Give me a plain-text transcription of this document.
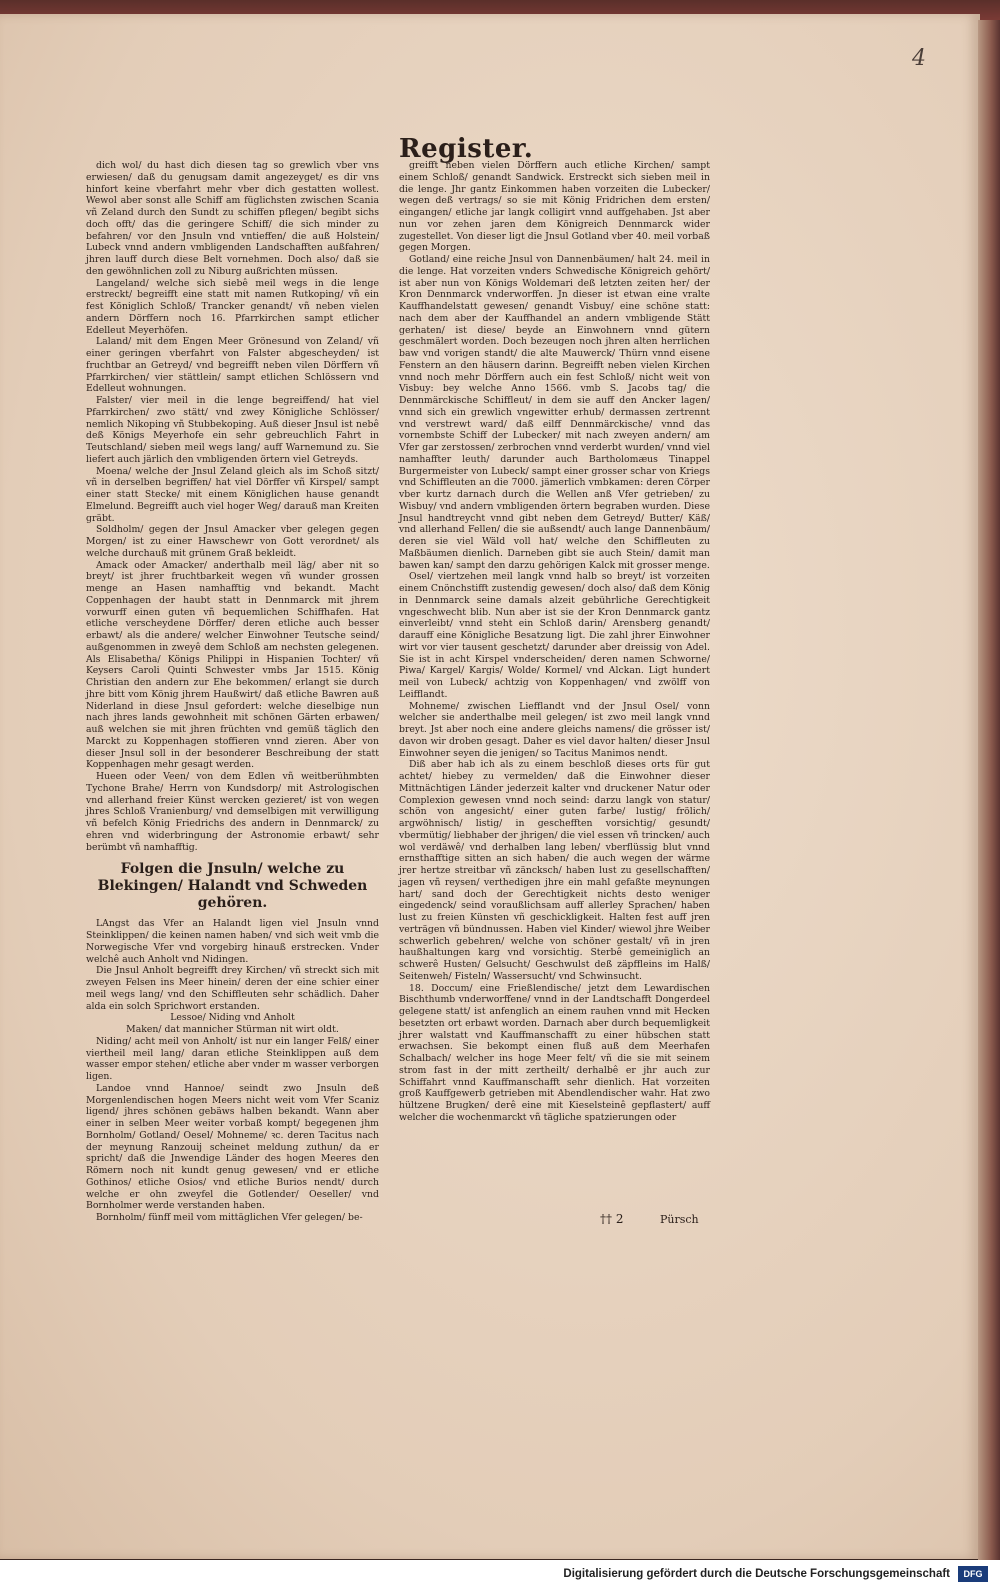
4
Register.

dich wol/ du hast dich diesen tag so grewlich vber vns erwiesen/ daß du genugsam damit angezeyget/ es dir vns hinfort keine vberfahrt mehr vber dich gestatten wollest. Wewol aber sonst alle Schiff am füglichsten zwischen Scania vñ Zeland durch den Sundt zu schiffen pflegen/ begibt sichs doch offt/ das die geringere Schiff/ die sich minder zu befahren/ vor den Jnsuln vnd vntieffen/ die auß Holstein/ Lubeck vnnd andern vmbligenden Landschafften außfahren/ jhren lauff durch diese Belt vornehmen. Doch also/ daß sie den gewöhnlichen zoll zu Niburg außrichten müssen.

Langeland/ welche sich siebê meil wegs in die lenge erstreckt/ begreifft eine statt mit namen Rutkoping/ vñ ein fest Königlich Schloß/ Trancker genandt/ vñ neben vielen andern Dörffern noch 16. Pfarrkirchen sampt etlicher Edelleut Meyerhöfen.

Laland/ mit dem Engen Meer Grönesund von Zeland/ vñ einer geringen vberfahrt von Falster abgescheyden/ ist fruchtbar an Getreyd/ vnd begreifft neben vilen Dörffern vñ Pfarrkirchen/ vier stättlein/ sampt etlichen Schlössern vnd Edelleut wohnungen.

Falster/ vier meil in die lenge begreiffend/ hat viel Pfarrkirchen/ zwo stätt/ vnd zwey Königliche Schlösser/ nemlich Nikoping vñ Stubbekoping. Auß dieser Jnsul ist nebê deß Königs Meyerhofe ein sehr gebreuchlich Fahrt in Teutschland/ sieben meil wegs lang/ auff Warnemund zu. Sie liefert auch järlich den vmbligenden örtern viel Getreyds.

Moena/ welche der Jnsul Zeland gleich als im Schoß sitzt/ vñ in derselben begriffen/ hat viel Dörffer vñ Kirspel/ sampt einer statt Stecke/ mit einem Königlichen hause genandt Elmelund. Begreifft auch viel hoger Weg/ darauß man Kreiten gräbt.

Soldholm/ gegen der Jnsul Amacker vber gelegen gegen Morgen/ ist zu einer Hawschewr von Gott verordnet/ als welche durchauß mit grünem Graß bekleidt.

Amack oder Amacker/ anderthalb meil läg/ aber nit so breyt/ ist jhrer fruchtbarkeit wegen vñ wunder grossen menge an Hasen namhafftig vnd bekandt. Macht Coppenhagen der haubt statt in Dennmarck mit jhrem vorwurff einen guten vñ bequemlichen Schiffhafen. Hat etliche verscheydene Dörffer/ deren etliche auch besser erbawt/ als die andere/ welcher Einwohner Teutsche seind/ außgenommen in zweyê dem Schloß am nechsten gelegenen. Als Elisabetha/ Königs Philippi in Hispanien Tochter/ vñ Keysers Caroli Quinti Schwester vmbs Jar 1515. König Christian den andern zur Ehe bekommen/ erlangt sie durch jhre bitt vom König jhrem Haußwirt/ daß etliche Bawren auß Niderland in diese Jnsul gefordert: welche dieselbige nun nach jhres lands gewohnheit mit schönen Gärten erbawen/ auß welchen sie mit jhren früchten vnd gemüß täglich den Marckt zu Koppenhagen stoffieren vnnd zieren. Aber von dieser Jnsul soll in der besonderer Beschreibung der statt Koppenhagen mehr gesagt werden.

Hueen oder Veen/ von dem Edlen vñ weitberühmbten Tychone Brahe/ Herrn von Kundsdorp/ mit Astrologischen vnd allerhand freier Künst wercken gezieret/ ist von wegen jhres Schloß Vranienburg/ vnd demselbigen mit verwilligung vñ befelch König Friedrichs des andern in Dennmarck/ zu ehren vnd widerbringung der Astronomie erbawt/ sehr berümbt vñ namhafftig.

Folgen die Jnsuln/ welche zu Blekingen/ Halandt vnd Schweden gehören.

LAngst das Vfer an Halandt ligen viel Jnsuln vnnd Steinklippen/ die keinen namen haben/ vnd sich weit vmb die Norwegische Vfer vnd vorgebirg hinauß erstrecken. Vnder welchê auch Anholt vnd Nidingen.

Die Jnsul Anholt begreifft drey Kirchen/ vñ streckt sich mit zweyen Felsen ins Meer hinein/ deren der eine schier einer meil wegs lang/ vnd den Schiffleuten sehr schädlich. Daher alda ein solch Sprichwort erstanden.

Lessoe/ Niding vnd Anholt

Maken/ dat mannicher Stürman nit wirt oldt.

Niding/ acht meil von Anholt/ ist nur ein langer Felß/ einer viertheil meil lang/ daran etliche Steinklippen auß dem wasser empor stehen/ etliche aber vnder m wasser verborgen ligen.

Landoe vnnd Hannoe/ seindt zwo Jnsuln deß Morgenlendischen hogen Meers nicht weit vom Vfer Scaniz ligend/ jhres schönen gebäws halben bekandt. Wann aber einer in selben Meer weiter vorbaß kompt/ begegenen jhm Bornholm/ Gotland/ Oesel/ Mohneme/ ꝛc. deren Tacitus nach der meynung Ranzouij scheinet meldung zuthun/ da er spricht/ daß die Jnwendige Länder des hogen Meeres den Römern noch nit kundt genug gewesen/ vnd er etliche Gothinos/ etliche Osios/ vnd etliche Burios nendt/ durch welche er ohn zweyfel die Gotlender/ Oeseller/ vnd Bornholmer werde verstanden haben.

Bornholm/ fünff meil vom mittäglichen Vfer gelegen/ be-

greifft neben vielen Dörffern auch etliche Kirchen/ sampt einem Schloß/ genandt Sandwick. Erstreckt sich sieben meil in die lenge. Jhr gantz Einkommen haben vorzeiten die Lubecker/ wegen deß vertrags/ so sie mit König Fridrichen dem ersten/ eingangen/ etliche jar langk colligirt vnnd auffgehaben. Jst aber nun vor zehen jaren dem Königreich Dennmarck wider zugestellet. Von dieser ligt die Jnsul Gotland vber 40. meil vorbaß gegen Morgen.

Gotland/ eine reiche Jnsul von Dannenbäumen/ halt 24. meil in die lenge. Hat vorzeiten vnders Schwedische Königreich gehört/ ist aber nun von Königs Woldemari deß letzten zeiten her/ der Kron Dennmarck vnderworffen. Jn dieser ist etwan eine vralte Kauffhandelstatt gewesen/ genandt Visbuy/ eine schöne statt: nach dem aber der Kauffhandel an andern vmbligende Stätt gerhaten/ ist diese/ beyde an Einwohnern vnnd gütern geschmälert worden. Doch bezeugen noch jhren alten herrlichen baw vnd vorigen standt/ die alte Mauwerck/ Thürn vnnd eisene Fenstern an den häusern darinn. Begreifft neben vielen Kirchen vnnd noch mehr Dörffern auch ein fest Schloß/ nicht weit von Visbuy: bey welche Anno 1566. vmb S. Jacobs tag/ die Dennmärckische Schiffleut/ in dem sie auff den Ancker lagen/ vnnd sich ein grewlich vngewitter erhub/ dermassen zertrennt vnd verstrewt ward/ daß eilff Dennmärckische/ vnnd das vornembste Schiff der Lubecker/ mit nach zweyen andern/ am Vfer gar zerstossen/ zerbrochen vnnd verderbt wurden/ vnnd viel namhaffter leuth/ darunder auch Bartholomæus Tinappel Burgermeister von Lubeck/ sampt einer grosser schar von Kriegs vnd Schiffleuten an die 7000. jämerlich vmbkamen: deren Cörper vber kurtz darnach durch die Wellen anß Vfer getrieben/ zu Wisbuy/ vnd andern vmbligenden örtern begraben wurden. Diese Jnsul handtreycht vnnd gibt neben dem Getreyd/ Butter/ Käß/ vnd allerhand Fellen/ die sie außsendt/ auch lange Dannenbäum/ deren sie viel Wäld voll hat/ welche den Schiffleuten zu Maßbäumen dienlich. Darneben gibt sie auch Stein/ damit man bawen kan/ sampt den darzu gehörigen Kalck mit grosser menge.

Osel/ viertzehen meil langk vnnd halb so breyt/ ist vorzeiten einem Cnönchstifft zustendig gewesen/ doch also/ daß dem König in Dennmarck seine damals alzeit gebührliche Gerechtigkeit vngeschwecht blib. Nun aber ist sie der Kron Dennmarck gantz einverleibt/ vnnd steht ein Schloß darin/ Arensberg genandt/ darauff eine Königliche Besatzung ligt. Die zahl jhrer Einwohner wirt vor vier tausent geschetzt/ darunder aber dreissig von Adel. Sie ist in acht Kirspel vnderscheiden/ deren namen Schworne/ Piwa/ Kargel/ Kargis/ Wolde/ Kormel/ vnd Alckan. Ligt hundert meil von Lubeck/ achtzig von Koppenhagen/ vnd zwölff von Leifflandt.

Mohneme/ zwischen Liefflandt vnd der Jnsul Osel/ vonn welcher sie anderthalbe meil gelegen/ ist zwo meil langk vnnd breyt. Jst aber noch eine andere gleichs namens/ die grösser ist/ davon wir droben gesagt. Daher es viel davor halten/ dieser Jnsul Einwohner seyen die jenigen/ so Tacitus Manimos nendt.

Diß aber hab ich als zu einem beschloß dieses orts für gut achtet/ hiebey zu vermelden/ daß die Einwohner dieser Mittnächtigen Länder jederzeit kalter vnd druckener Natur oder Complexion gewesen vnnd noch seind: darzu langk von statur/ schön von angesicht/ einer guten farbe/ lustig/ frölich/ argwöhnisch/ listig/ in geschefften vorsichtig/ gesundt/ vbermütig/ liebhaber der jhrigen/ die viel essen vñ trincken/ auch wol verdäwê/ vnd derhalben lang leben/ vberflüssig blut vnnd ernsthafftige sitten an sich haben/ die auch wegen der wärme jrer hertze streitbar vñ zäncksch/ haben lust zu gesellschafften/ jagen vñ reysen/ verthedigen jhre ein mahl gefaßte meynungen hart/ sand doch der Gerechtigkeit nichts desto weniger eingedenck/ seind voraußlichsam auff allerley Sprachen/ haben lust zu freien Künsten vñ geschickligkeit. Halten fest auff jren verträgen vñ bündnussen. Haben viel Kinder/ wiewol jhre Weiber schwerlich gebehren/ welche von schöner gestalt/ vñ in jren haußhaltungen karg vnd vorsichtig. Sterbê gemeiniglich an schwerê Husten/ Gelsucht/ Geschwulst deß zäpffleins im Halß/ Seitenweh/ Fisteln/ Wassersucht/ vnd Schwinsucht.

18. Doccum/ eine Frießlendische/ jetzt dem Lewardischen Bischthumb vnderworffene/ vnnd in der Landtschafft Dongerdeel gelegene statt/ ist anfenglich an einem rauhen vnnd mit Hecken besetzten ort erbawt worden. Darnach aber durch bequemligkeit jhrer walstatt vnd Kauffmanschafft zu einer hübschen statt erwachsen. Sie bekompt einen fluß auß dem Meerhafen Schalbach/ welcher ins hoge Meer felt/ vñ die sie mit seinem strom fast in der mitt zertheilt/ derhalbê er jhr auch zur Schiffahrt vnnd Kauffmanschafft sehr dienlich. Hat vorzeiten groß Kauffgewerb getrieben mit Abendlendischer wahr. Hat zwo hültzene Brugken/ derê eine mit Kieselsteinê gepflastert/ auff welcher die wochenmarckt vñ tägliche spatzierungen oder

†† 2	Pürsch
Digitalisierung gefördert durch die Deutsche Forschungsgemeinschaft	DFG
